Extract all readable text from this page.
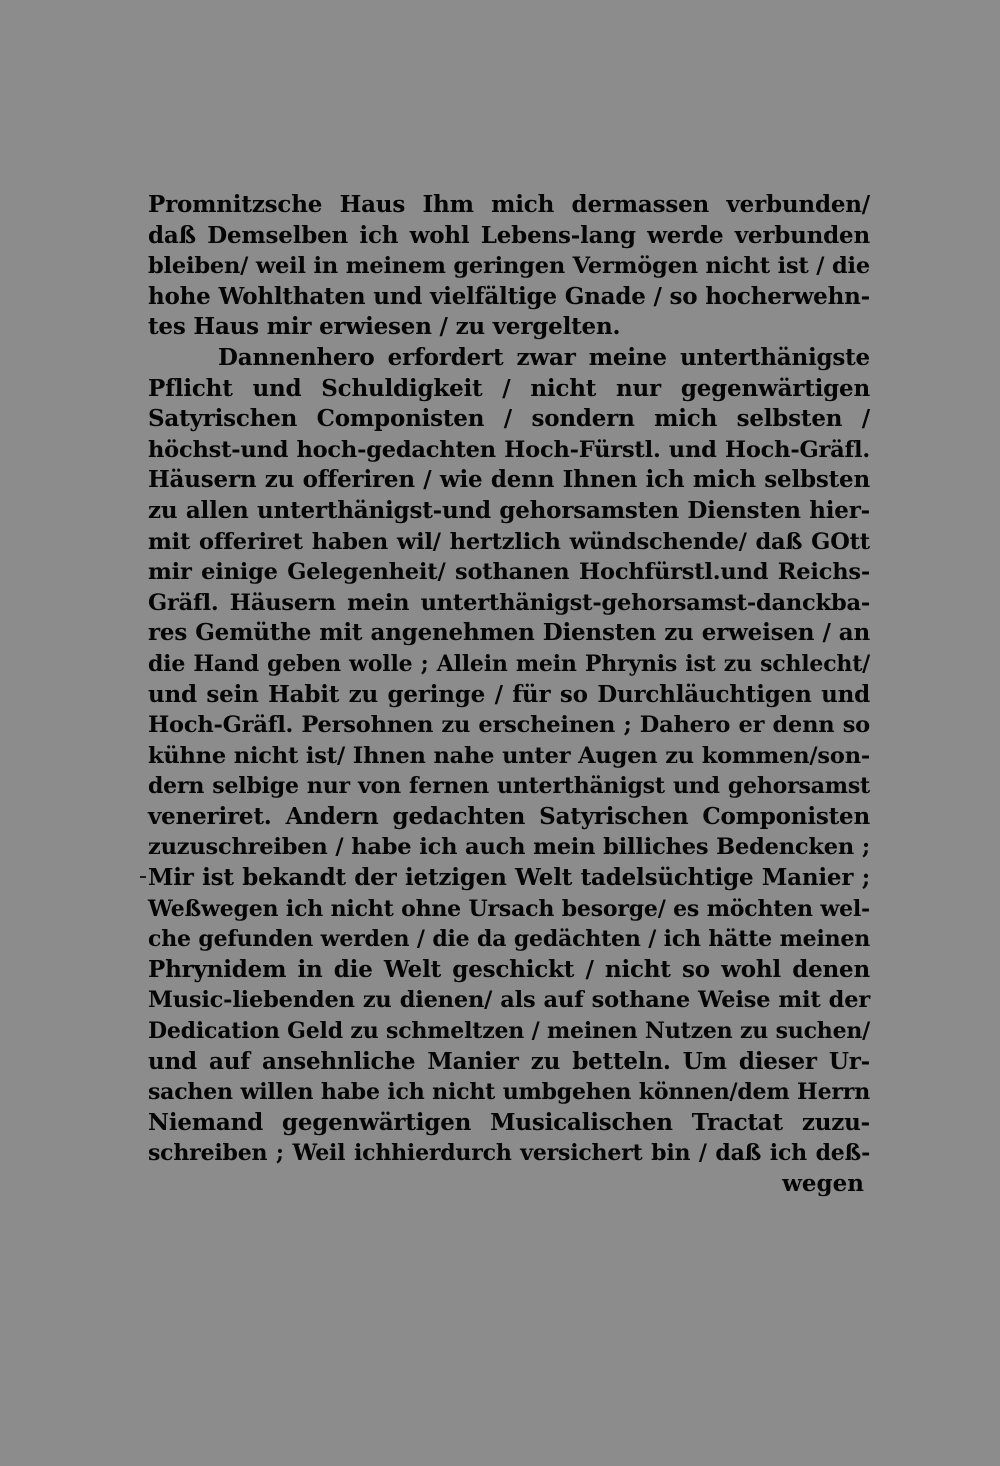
Promnitzsche Haus Ihm mich dermassen verbunden/
daß Demselben ich wohl Lebens-lang werde verbunden
bleiben/ weil in meinem geringen Vermögen nicht ist / die
hohe Wohlthaten und vielfältige Gnade / so hocherwehn-
tes Haus mir erwiesen / zu vergelten.
Dannenhero erfordert zwar meine unterthänigste
Pflicht und Schuldigkeit / nicht nur gegenwärtigen
Satyrischen Componisten / sondern mich selbsten /
höchst-und hoch-gedachten Hoch-Fürstl. und Hoch-Gräfl.
Häusern zu offeriren / wie denn Ihnen ich mich selbsten
zu allen unterthänigst-und gehorsamsten Diensten hier-
mit offeriret haben wil/ hertzlich wündschende/ daß GOtt
mir einige Gelegenheit/ sothanen Hochfürstl.und Reichs-
Gräfl. Häusern mein unterthänigst-gehorsamst-danckba-
res Gemüthe mit angenehmen Diensten zu erweisen / an
die Hand geben wolle ; Allein mein Phrynis ist zu schlecht/
und sein Habit zu geringe / für so Durchläuchtigen und
Hoch-Gräfl. Persohnen zu erscheinen ; Dahero er denn so
kühne nicht ist/ Ihnen nahe unter Augen zu kommen/son-
dern selbige nur von fernen unterthänigst und gehorsamst
veneriret. Andern gedachten Satyrischen Componisten
zuzuschreiben / habe ich auch mein billiches Bedencken ;
Mir ist bekandt der ietzigen Welt tadelsüchtige Manier ;
Weßwegen ich nicht ohne Ursach besorge/ es möchten wel-
che gefunden werden / die da gedächten / ich hätte meinen
Phrynidem in die Welt geschickt / nicht so wohl denen
Music-liebenden zu dienen/ als auf sothane Weise mit der
Dedication Geld zu schmeltzen / meinen Nutzen zu suchen/
und auf ansehnliche Manier zu betteln. Um dieser Ur-
sachen willen habe ich nicht umbgehen können/dem Herrn
Niemand gegenwärtigen Musicalischen Tractat zuzu-
schreiben ; Weil ichhierdurch versichert bin / daß ich deß-
wegen
